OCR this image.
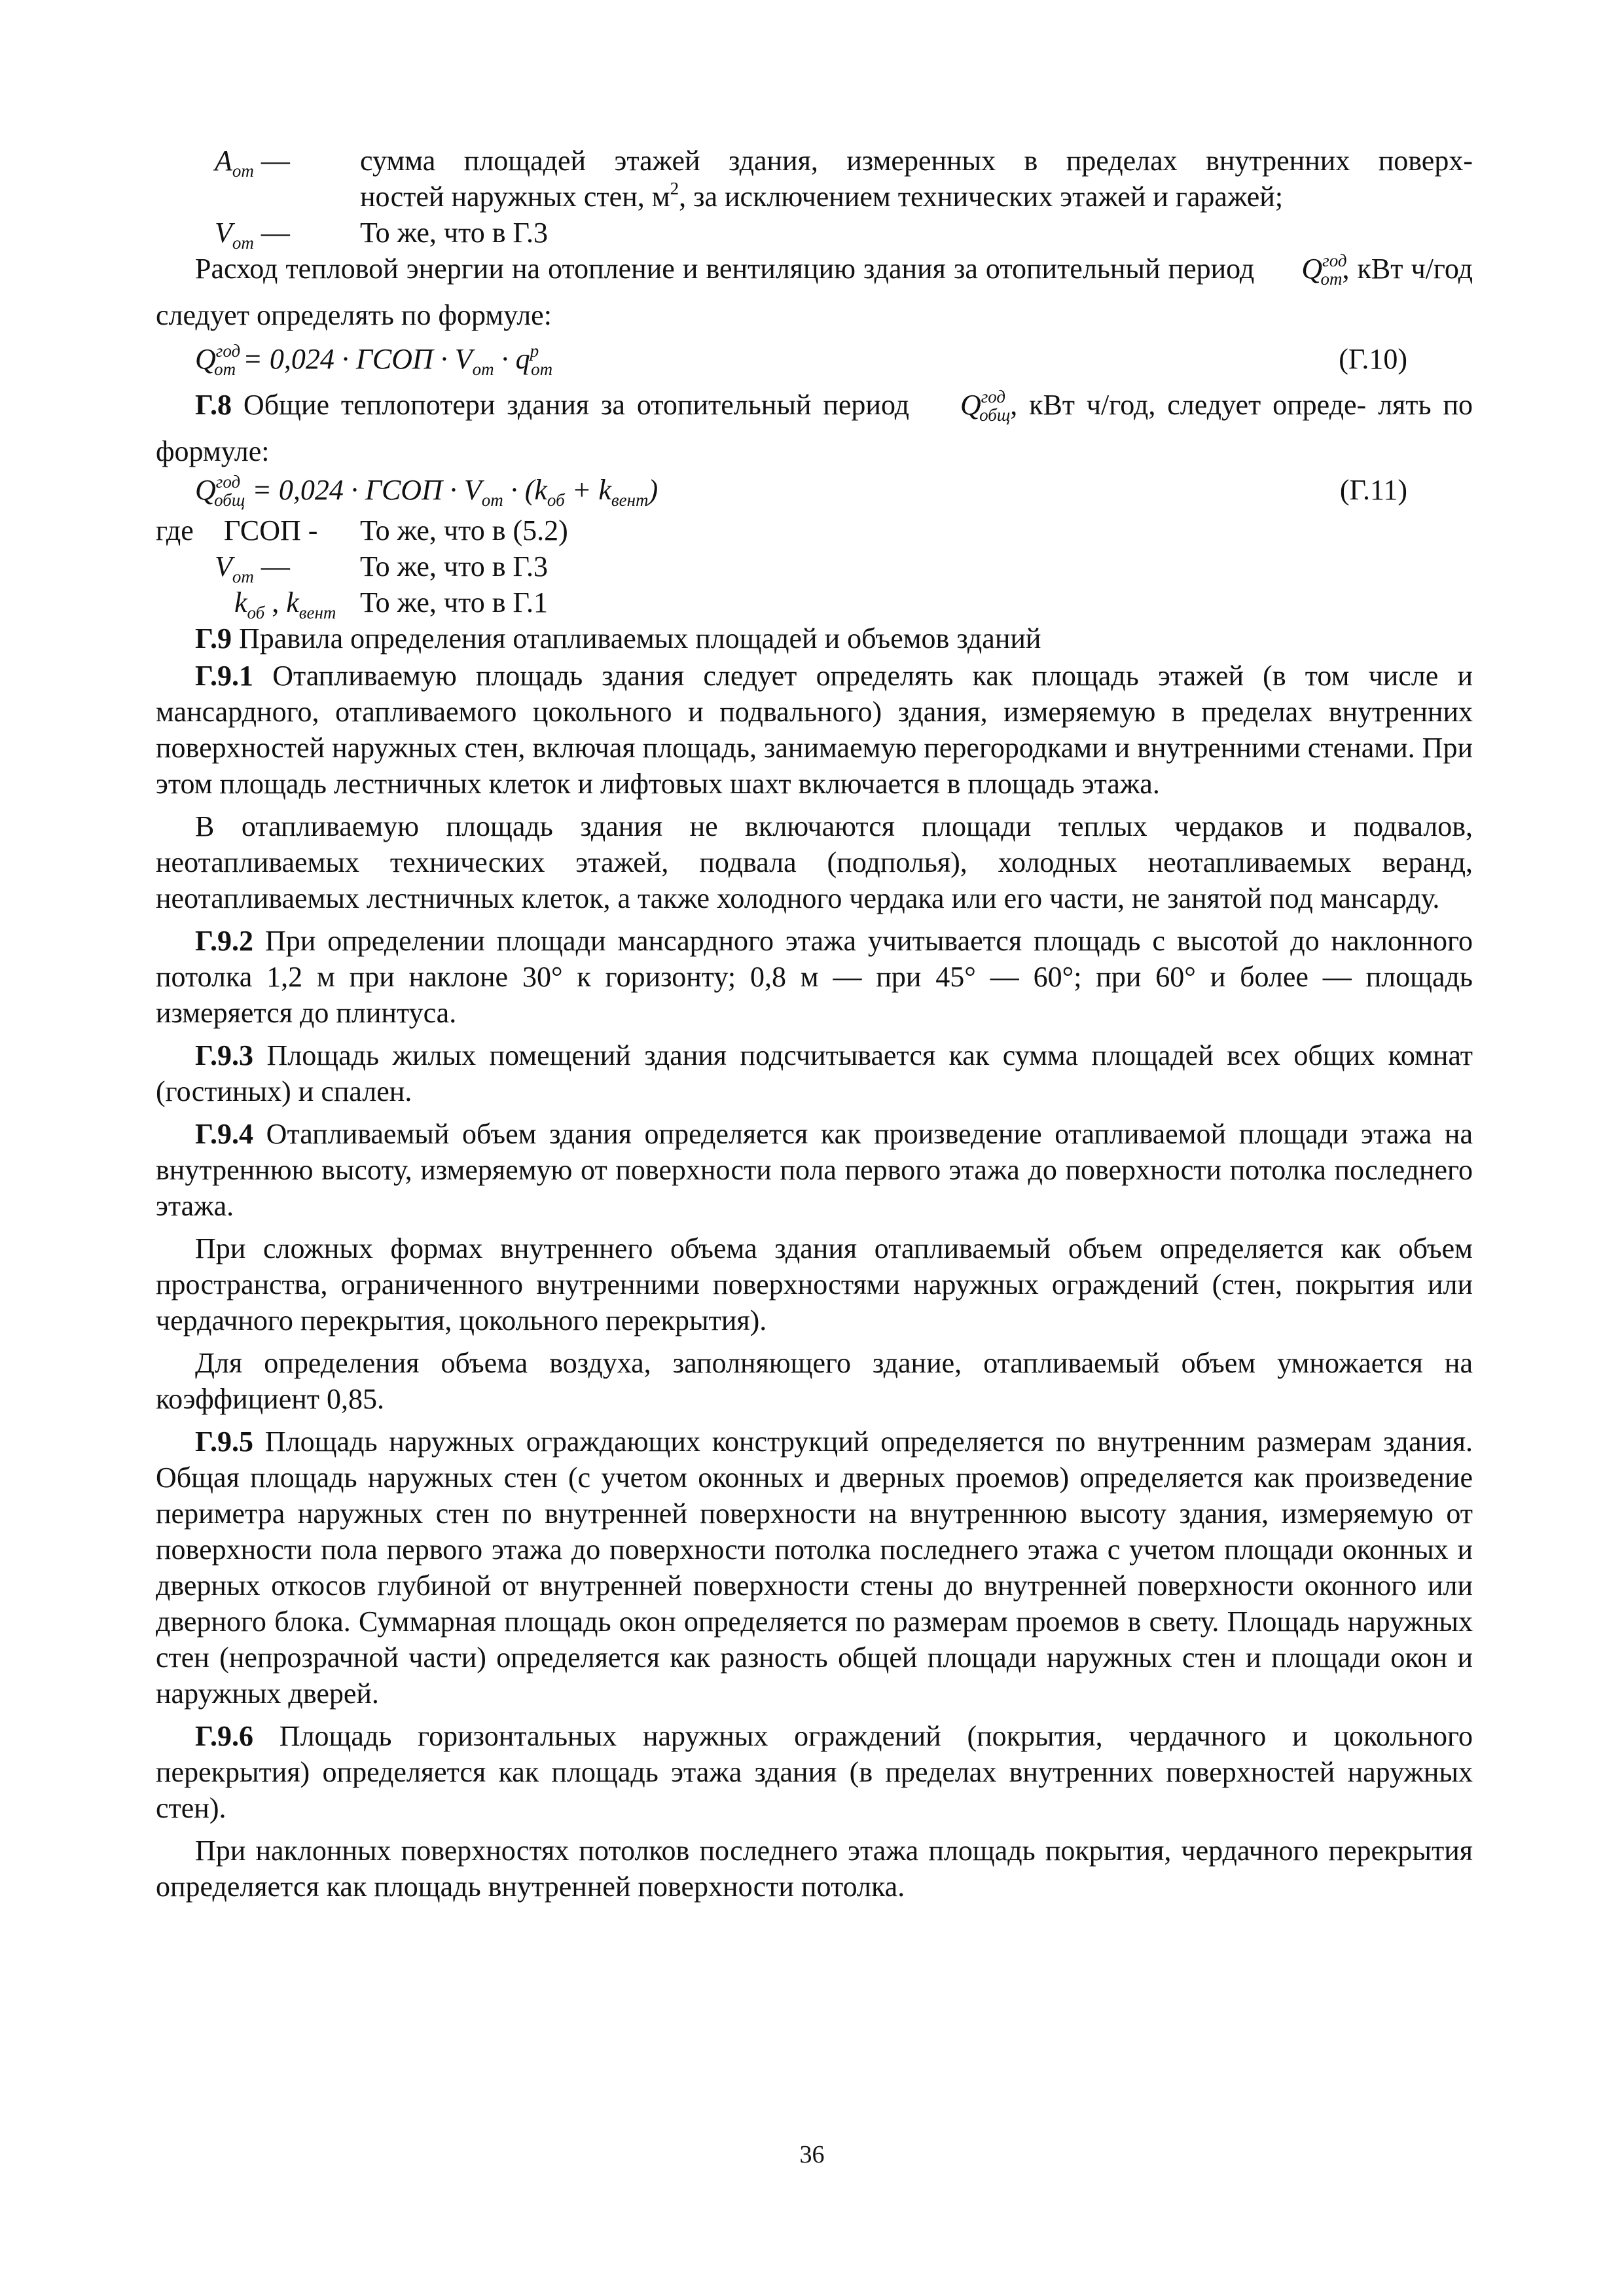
$A_{от}$ — сумма площадей этажей здания, измеренных в пределах внутренних поверх-
ностей наружных стен, $м^2$, за исключением технических этажей и гаражей;
$V_{от}$ — То же, что в Г.3

Расход тепловой энергии на отопление и вентиляцию здания за отопительный период $Q^{год}_{от}$, кВт ч/год следует определять по формуле:

$Q^{год}_{от} = 0,024$ · ГСОП · $V_{от} \cdot q^р_{от}$	(Г.10)

Г.8 Общие теплопотери здания за отопительный период $Q^{год}_{общ}$, кВт ч/год, следует опреде- лять по формуле:

$Q^{год}_{общ} = 0,024$ · ГСОП · $V_{от} \cdot (k_{об} + k_{вент})$	(Г.11)
где ГСОП - То же, что в (5.2)
$V_{от}$ — То же, что в Г.3
$k_{об}$ , $k_{вент}$ То же, что в Г.1

Г.9 Правила определения отапливаемых площадей и объемов зданий

Г.9.1 Отапливаемую площадь здания следует определять как площадь этажей (в том числе и мансардного, отапливаемого цокольного и подвального) здания, измеряемую в пределах внутренних поверхностей наружных стен, включая площадь, занимаемую перегородками и внутренними стенами. При этом площадь лестничных клеток и лифтовых шахт включается в площадь этажа.

В отапливаемую площадь здания не включаются площади теплых чердаков и подвалов, неотапливаемых технических этажей, подвала (подполья), холодных неотапливаемых веранд, неотапливаемых лестничных клеток, а также холодного чердака или его части, не занятой под мансарду.

Г.9.2 При определении площади мансардного этажа учитывается площадь с высотой до наклонного потолка 1,2 м при наклоне 30° к горизонту; 0,8 м — при 45° — 60°; при 60° и более — площадь измеряется до плинтуса.

Г.9.3 Площадь жилых помещений здания подсчитывается как сумма площадей всех общих комнат (гостиных) и спален.

Г.9.4 Отапливаемый объем здания определяется как произведение отапливаемой площади этажа на внутреннюю высоту, измеряемую от поверхности пола первого этажа до поверхности потолка последнего этажа.

При сложных формах внутреннего объема здания отапливаемый объем определяется как объем пространства, ограниченного внутренними поверхностями наружных ограждений (стен, покрытия или чердачного перекрытия, цокольного перекрытия).

Для определения объема воздуха, заполняющего здание, отапливаемый объем умножается на коэффициент 0,85.

Г.9.5 Площадь наружных ограждающих конструкций определяется по внутренним размерам здания. Общая площадь наружных стен (с учетом оконных и дверных проемов) определяется как произведение периметра наружных стен по внутренней поверхности на внутреннюю высоту здания, измеряемую от поверхности пола первого этажа до поверхности потолка последнего этажа с учетом площади оконных и дверных откосов глубиной от внутренней поверхности стены до внутренней поверхности оконного или дверного блока. Суммарная площадь окон определяется по размерам проемов в свету. Площадь наружных стен (непрозрачной части) определяется как разность общей площади наружных стен и площади окон и наружных дверей.

Г.9.6 Площадь горизонтальных наружных ограждений (покрытия, чердачного и цокольного перекрытия) определяется как площадь этажа здания (в пределах внутренних поверхностей наружных стен).

При наклонных поверхностях потолков последнего этажа площадь покрытия, чердачного перекрытия определяется как площадь внутренней поверхности потолка.

36
